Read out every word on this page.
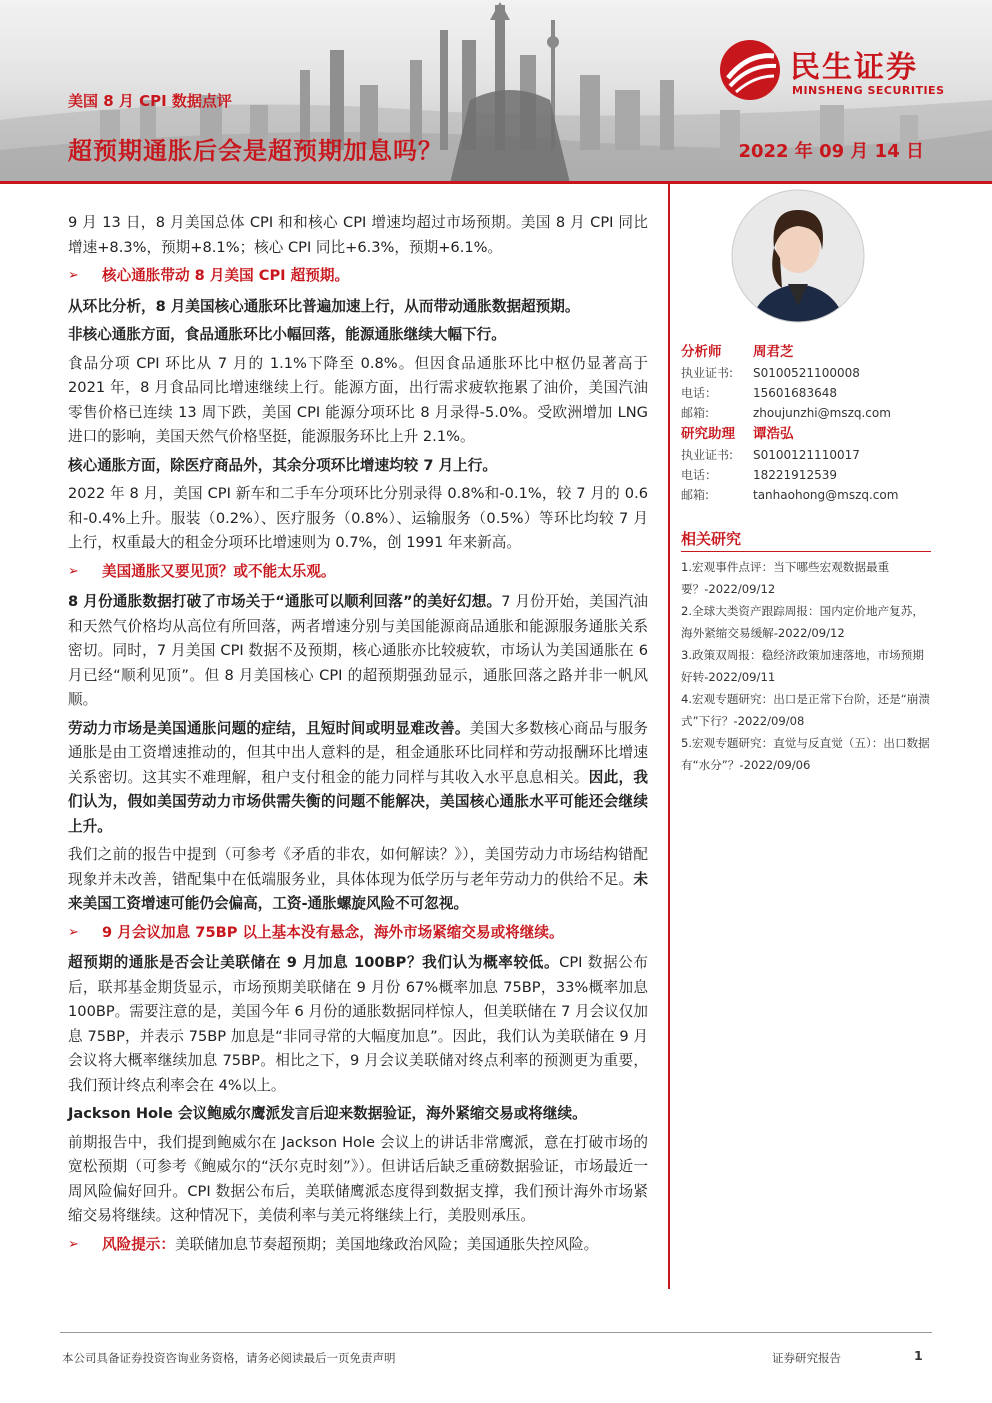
民生证券
MINSHENG SECURITIES
美国 8 月 CPI 数据点评
超预期通胀后会是超预期加息吗？	2022 年 09 月 14 日

9 月 13 日，8 月美国总体 CPI 和和核心 CPI 增速均超过市场预期。美国 8 月 CPI 同比增速+8.3%，预期+8.1%；核心 CPI 同比+6.3%，预期+6.1%。

➢	核心通胀带动 8 月美国 CPI 超预期。

从环比分析，8 月美国核心通胀环比普遍加速上行，从而带动通胀数据超预期。

非核心通胀方面，食品通胀环比小幅回落，能源通胀继续大幅下行。

食品分项 CPI 环比从 7 月的 1.1%下降至 0.8%。但因食品通胀环比中枢仍显著高于 2021 年，8 月食品同比增速继续上行。能源方面，出行需求疲软拖累了油价，美国汽油零售价格已连续 13 周下跌，美国 CPI 能源分项环比 8 月录得-5.0%。受欧洲增加 LNG 进口的影响，美国天然气价格坚挺，能源服务环比上升 2.1%。

核心通胀方面，除医疗商品外，其余分项环比增速均较 7 月上行。

2022 年 8 月，美国 CPI 新车和二手车分项环比分别录得 0.8%和-0.1%，较 7 月的 0.6 和-0.4%上升。服装（0.2%）、医疗服务（0.8%）、运输服务（0.5%）等环比均较 7 月上行，权重最大的租金分项环比增速则为 0.7%，创 1991 年来新高。

➢	美国通胀又要见顶？或不能太乐观。

8 月份通胀数据打破了市场关于“通胀可以顺利回落”的美好幻想。7 月份开始，美国汽油和天然气价格均从高位有所回落，两者增速分别与美国能源商品通胀和能源服务通胀关系密切。同时，7 月美国 CPI 数据不及预期，核心通胀亦比较疲软，市场认为美国通胀在 6 月已经“顺利见顶”。但 8 月美国核心 CPI 的超预期强劲显示，通胀回落之路并非一帆风顺。

劳动力市场是美国通胀问题的症结，且短时间或明显难改善。美国大多数核心商品与服务通胀是由工资增速推动的，但其中出人意料的是，租金通胀环比同样和劳动报酬环比增速关系密切。这其实不难理解，租户支付租金的能力同样与其收入水平息息相关。因此，我们认为，假如美国劳动力市场供需失衡的问题不能解决，美国核心通胀水平可能还会继续上升。

我们之前的报告中提到（可参考《矛盾的非农，如何解读？》），美国劳动力市场结构错配现象并未改善，错配集中在低端服务业，具体体现为低学历与老年劳动力的供给不足。未来美国工资增速可能仍会偏高，工资-通胀螺旋风险不可忽视。

➢	9 月会议加息 75BP 以上基本没有悬念，海外市场紧缩交易或将继续。

超预期的通胀是否会让美联储在 9 月加息 100BP？我们认为概率较低。CPI 数据公布后，联邦基金期货显示，市场预期美联储在 9 月份 67%概率加息 75BP，33%概率加息 100BP。需要注意的是，美国今年 6 月份的通胀数据同样惊人，但美联储在 7 月会议仅加息 75BP，并表示 75BP 加息是“非同寻常的大幅度加息”。因此，我们认为美联储在 9 月会议将大概率继续加息 75BP。相比之下，9 月会议美联储对终点利率的预测更为重要，我们预计终点利率会在 4%以上。

Jackson Hole 会议鲍威尔鹰派发言后迎来数据验证，海外紧缩交易或将继续。

前期报告中，我们提到鲍威尔在 Jackson Hole 会议上的讲话非常鹰派，意在打破市场的宽松预期（可参考《鲍威尔的“沃尔克时刻”》）。但讲话后缺乏重磅数据验证，市场最近一周风险偏好回升。CPI 数据公布后，美联储鹰派态度得到数据支撑，我们预计海外市场紧缩交易将继续。这种情况下，美债利率与美元将继续上行，美股则承压。

➢	风险提示：美联储加息节奏超预期；美国地缘政治风险；美国通胀失控风险。
分析师	周君芝
执业证书:	S0100521100008
电话：	15601683648
邮箱:	zhoujunzhi@mszq.com
研究助理	谭浩弘
执业证书:	S0100121110017
电话：	18221912539
邮箱:	tanhaohong@mszq.com
相关研究
1.宏观事件点评：当下哪些宏观数据最重要？-2022/09/12
2.全球大类资产跟踪周报：国内定价地产复苏，海外紧缩交易缓解-2022/09/12
3.政策双周报：稳经济政策加速落地，市场预期好转-2022/09/11
4.宏观专题研究：出口是正常下台阶，还是“崩溃式”下行？-2022/09/08
5.宏观专题研究：直觉与反直觉（五）：出口数据有“水分”？-2022/09/06
本公司具备证券投资咨询业务资格，请务必阅读最后一页免责声明	证券研究报告	1
